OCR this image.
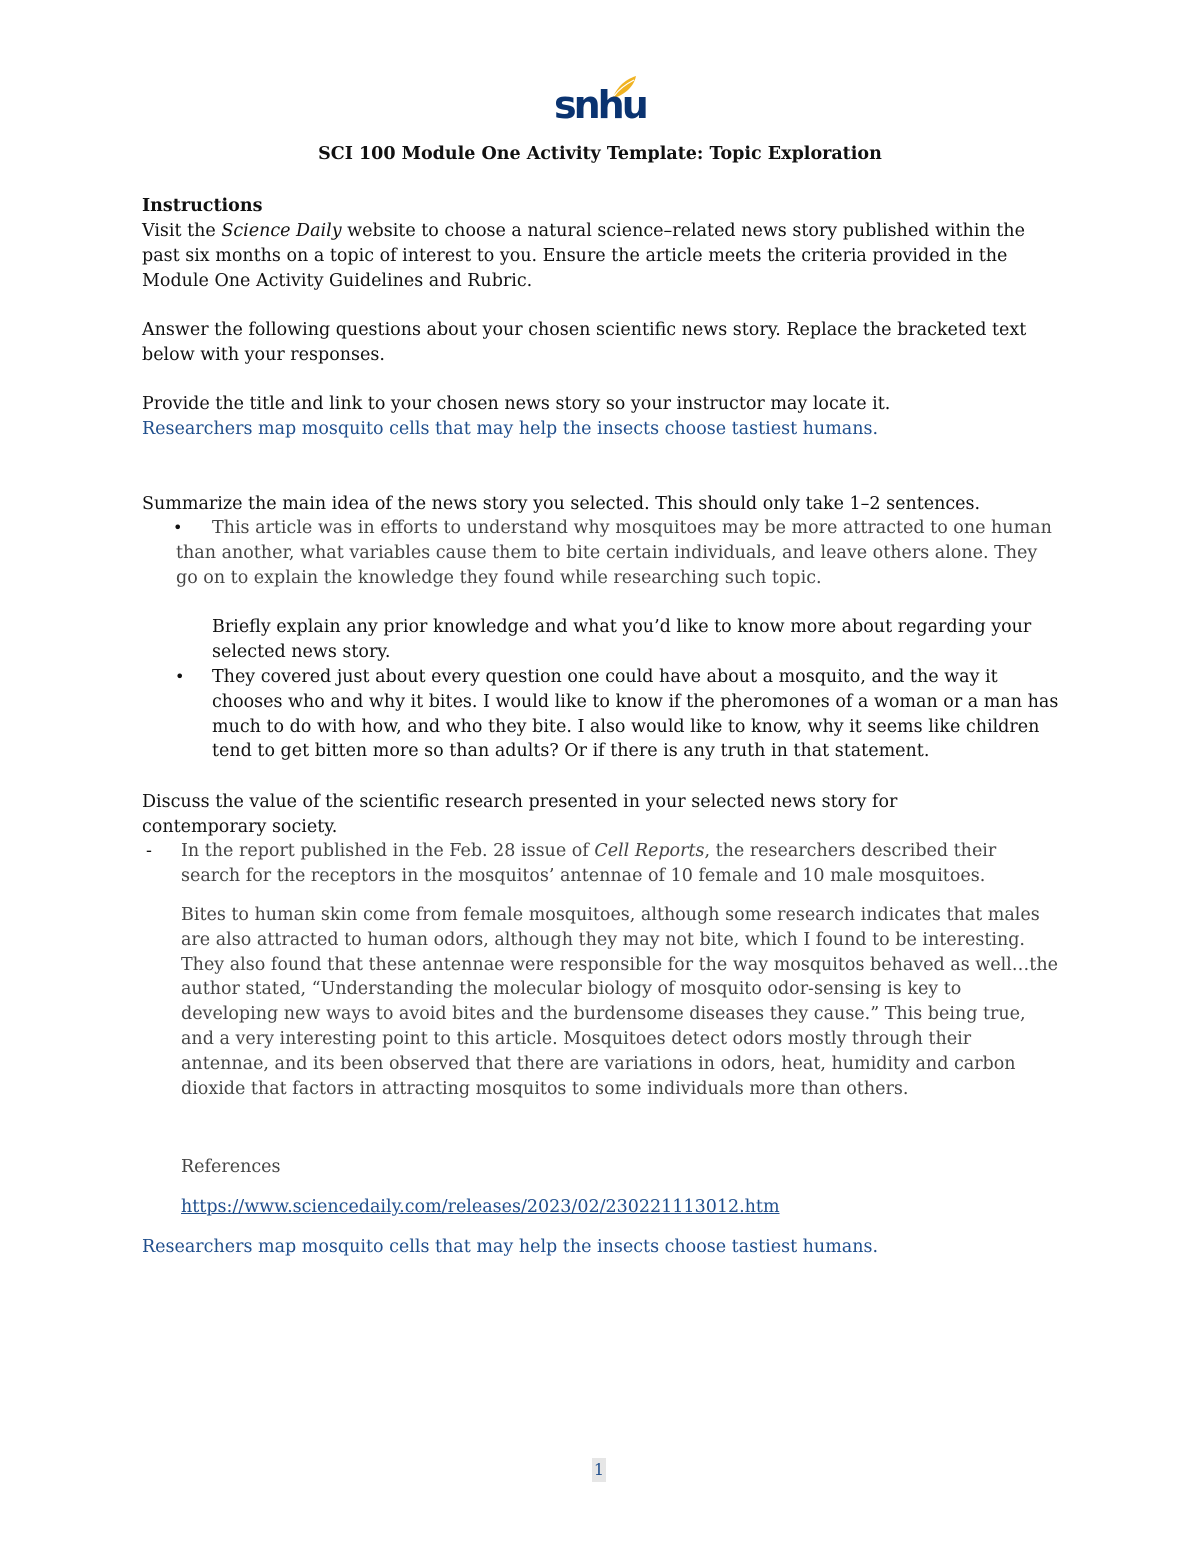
snhu
SCI 100 Module One Activity Template: Topic Exploration

Instructions

Visit the Science Daily website to choose a natural science–related news story published within the past six months on a topic of interest to you. Ensure the article meets the criteria provided in the Module One Activity Guidelines and Rubric.

Answer the following questions about your chosen scientific news story. Replace the bracketed text below with your responses.

Provide the title and link to your chosen news story so your instructor may locate it.

Researchers map mosquito cells that may help the insects choose tastiest humans.

Summarize the main idea of the news story you selected. This should only take 1–2 sentences.

•	This article was in efforts to understand why mosquitoes may be more attracted to one human than another, what variables cause them to bite certain individuals, and leave others alone. They go on to explain the knowledge they found while researching such topic.

Briefly explain any prior knowledge and what you’d like to know more about regarding your selected news story.

• They covered just about every question one could have about a mosquito, and the way it chooses who and why it bites. I would like to know if the pheromones of a woman or a man has much to do with how, and who they bite. I also would like to know, why it seems like children tend to get bitten more so than adults? Or if there is any truth in that statement.

Discuss the value of the scientific research presented in your selected news story for contemporary society.

- In the report published in the Feb. 28 issue of Cell Reports, the researchers described their search for the receptors in the mosquitos’ antennae of 10 female and 10 male mosquitoes.

Bites to human skin come from female mosquitoes, although some research indicates that males are also attracted to human odors, although they may not bite, which I found to be interesting. They also found that these antennae were responsible for the way mosquitos behaved as well…the author stated, “Understanding the molecular biology of mosquito odor-sensing is key to developing new ways to avoid bites and the burdensome diseases they cause.” This being true, and a very interesting point to this article. Mosquitoes detect odors mostly through their antennae, and its been observed that there are variations in odors, heat, humidity and carbon dioxide that factors in attracting mosquitos to some individuals more than others.

References

https://www.sciencedaily.com/releases/2023/02/230221113012.htm

Researchers map mosquito cells that may help the insects choose tastiest humans.

1
